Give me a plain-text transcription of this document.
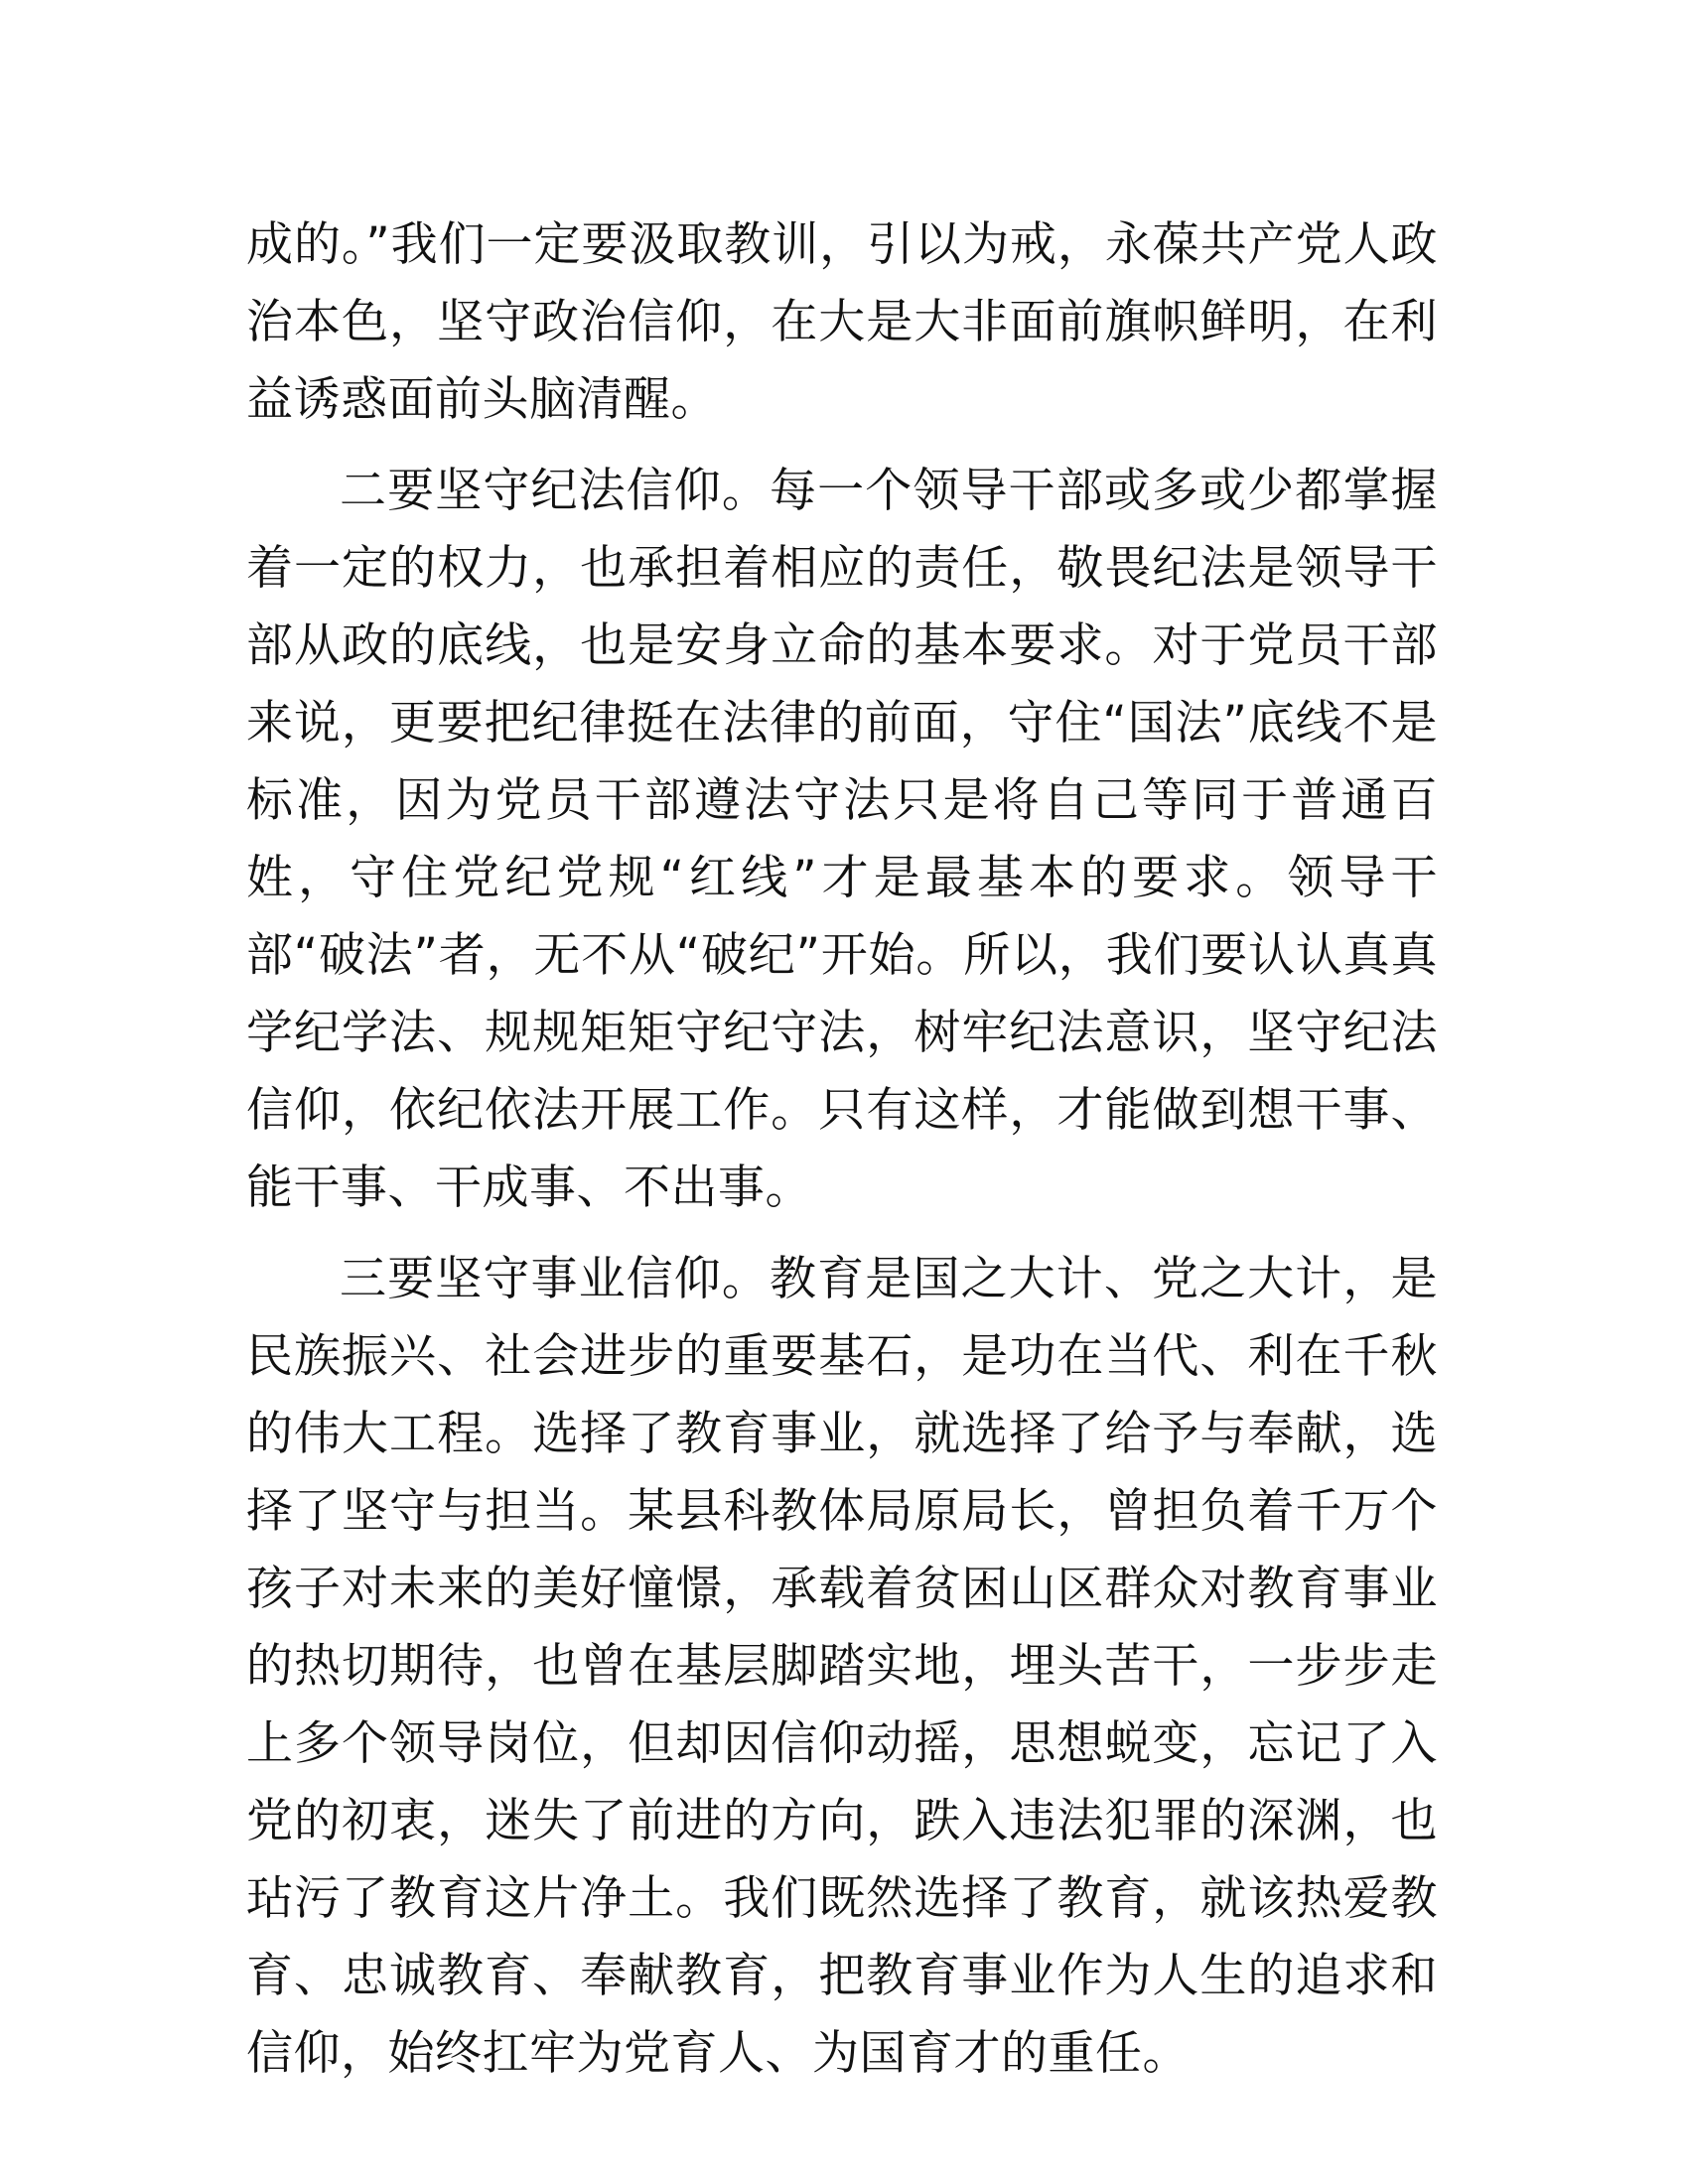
成的。”我们一定要汲取教训，引以为戒，永葆共产党人政治本色，坚守政治信仰，在大是大非面前旗帜鲜明，在利益诱惑面前头脑清醒。

二要坚守纪法信仰。每一个领导干部或多或少都掌握着一定的权力，也承担着相应的责任，敬畏纪法是领导干部从政的底线，也是安身立命的基本要求。对于党员干部来说，更要把纪律挺在法律的前面，守住“国法”底线不是标准，因为党员干部遵法守法只是将自己等同于普通百姓，守住党纪党规“红线”才是最基本的要求。领导干部“破法”者，无不从“破纪”开始。所以，我们要认认真真学纪学法、规规矩矩守纪守法，树牢纪法意识，坚守纪法信仰，依纪依法开展工作。只有这样，才能做到想干事、能干事、干成事、不出事。

三要坚守事业信仰。教育是国之大计、党之大计，是民族振兴、社会进步的重要基石，是功在当代、利在千秋的伟大工程。选择了教育事业，就选择了给予与奉献，选择了坚守与担当。某县科教体局原局长，曾担负着千万个孩子对未来的美好憧憬，承载着贫困山区群众对教育事业的热切期待，也曾在基层脚踏实地，埋头苦干，一步步走上多个领导岗位，但却因信仰动摇，思想蜕变，忘记了入党的初衷，迷失了前进的方向，跌入违法犯罪的深渊，也玷污了教育这片净土。我们既然选择了教育，就该热爱教育、忠诚教育、奉献教育，把教育事业作为人生的追求和信仰，始终扛牢为党育人、为国育才的重任。
